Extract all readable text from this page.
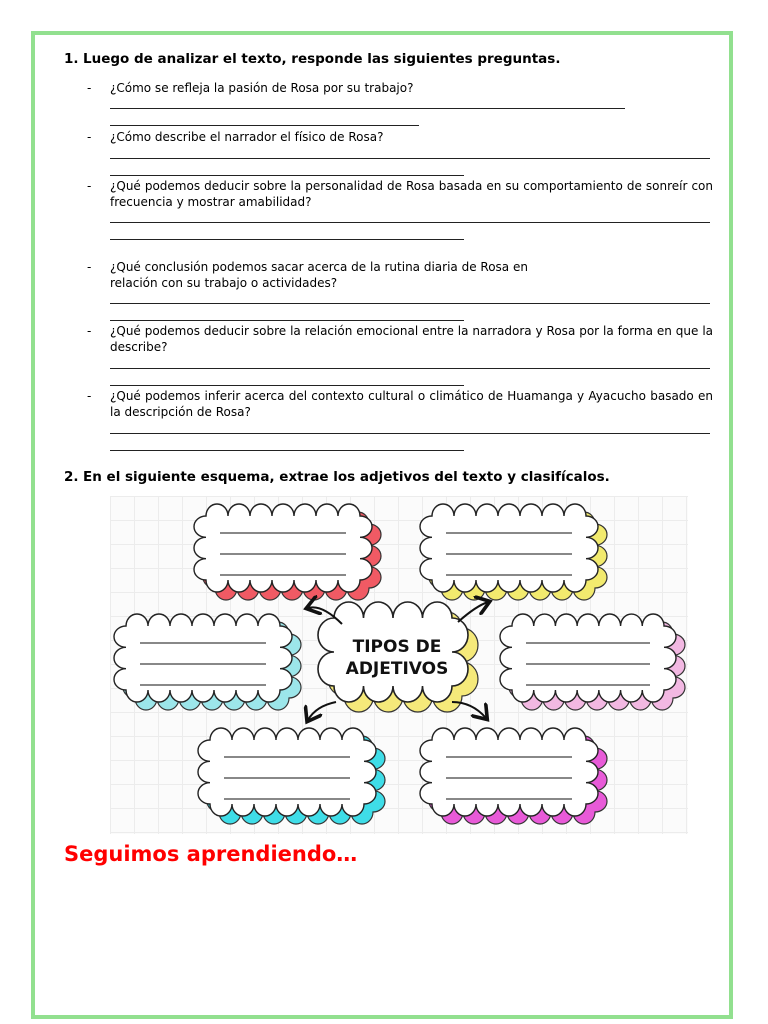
1. Luego de analizar el texto, responde las siguientes preguntas.
-	¿Cómo se refleja la pasión de Rosa por su trabajo?
-	¿Cómo describe el narrador el físico de Rosa?
-	¿Qué podemos deducir sobre la personalidad de Rosa basada en su comportamiento de sonreír con frecuencia y mostrar amabilidad?
-	¿Qué conclusión podemos sacar acerca de la rutina diaria de Rosa en relación con su trabajo o actividades?
-	¿Qué podemos deducir sobre la relación emocional entre la narradora y Rosa por la forma en que la describe?
-	¿Qué podemos inferir acerca del contexto cultural o climático de Huamanga y Ayacucho basado en la descripción de Rosa?
2. En el siguiente esquema, extrae los adjetivos del texto y clasifícalos.
TIPOS DE
ADJETIVOS
Seguimos aprendiendo…
